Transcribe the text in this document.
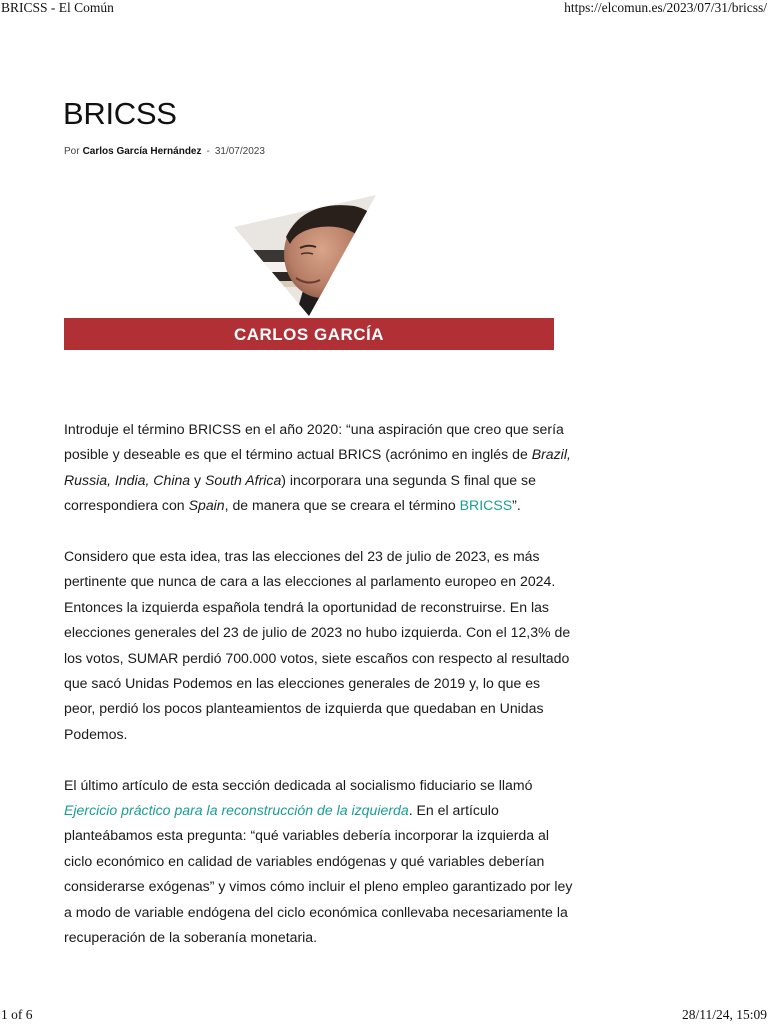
BRICSS - El Común	https://elcomun.es/2023/07/31/bricss/
BRICSS
Por Carlos García Hernández - 31/07/2023
CARLOS GARCÍA

Introduje el término BRICSS en el año 2020: “una aspiración que creo que sería posible y deseable es que el término actual BRICS (acrónimo en inglés de Brazil, Russia, India, China y South Africa) incorporara una segunda S final que se correspondiera con Spain, de manera que se creara el término BRICSS”.

Considero que esta idea, tras las elecciones del 23 de julio de 2023, es más pertinente que nunca de cara a las elecciones al parlamento europeo en 2024. Entonces la izquierda española tendrá la oportunidad de reconstruirse. En las elecciones generales del 23 de julio de 2023 no hubo izquierda. Con el 12,3% de los votos, SUMAR perdió 700.000 votos, siete escaños con respecto al resultado que sacó Unidas Podemos en las elecciones generales de 2019 y, lo que es peor, perdió los pocos planteamientos de izquierda que quedaban en Unidas Podemos.

El último artículo de esta sección dedicada al socialismo fiduciario se llamó Ejercicio práctico para la reconstrucción de la izquierda. En el artículo planteábamos esta pregunta: “qué variables debería incorporar la izquierda al ciclo económico en calidad de variables endógenas y qué variables deberían considerarse exógenas” y vimos cómo incluir el pleno empleo garantizado por ley a modo de variable endógena del ciclo económica conllevaba necesariamente la recuperación de la soberanía monetaria.

1 of 6	28/11/24, 15:09
